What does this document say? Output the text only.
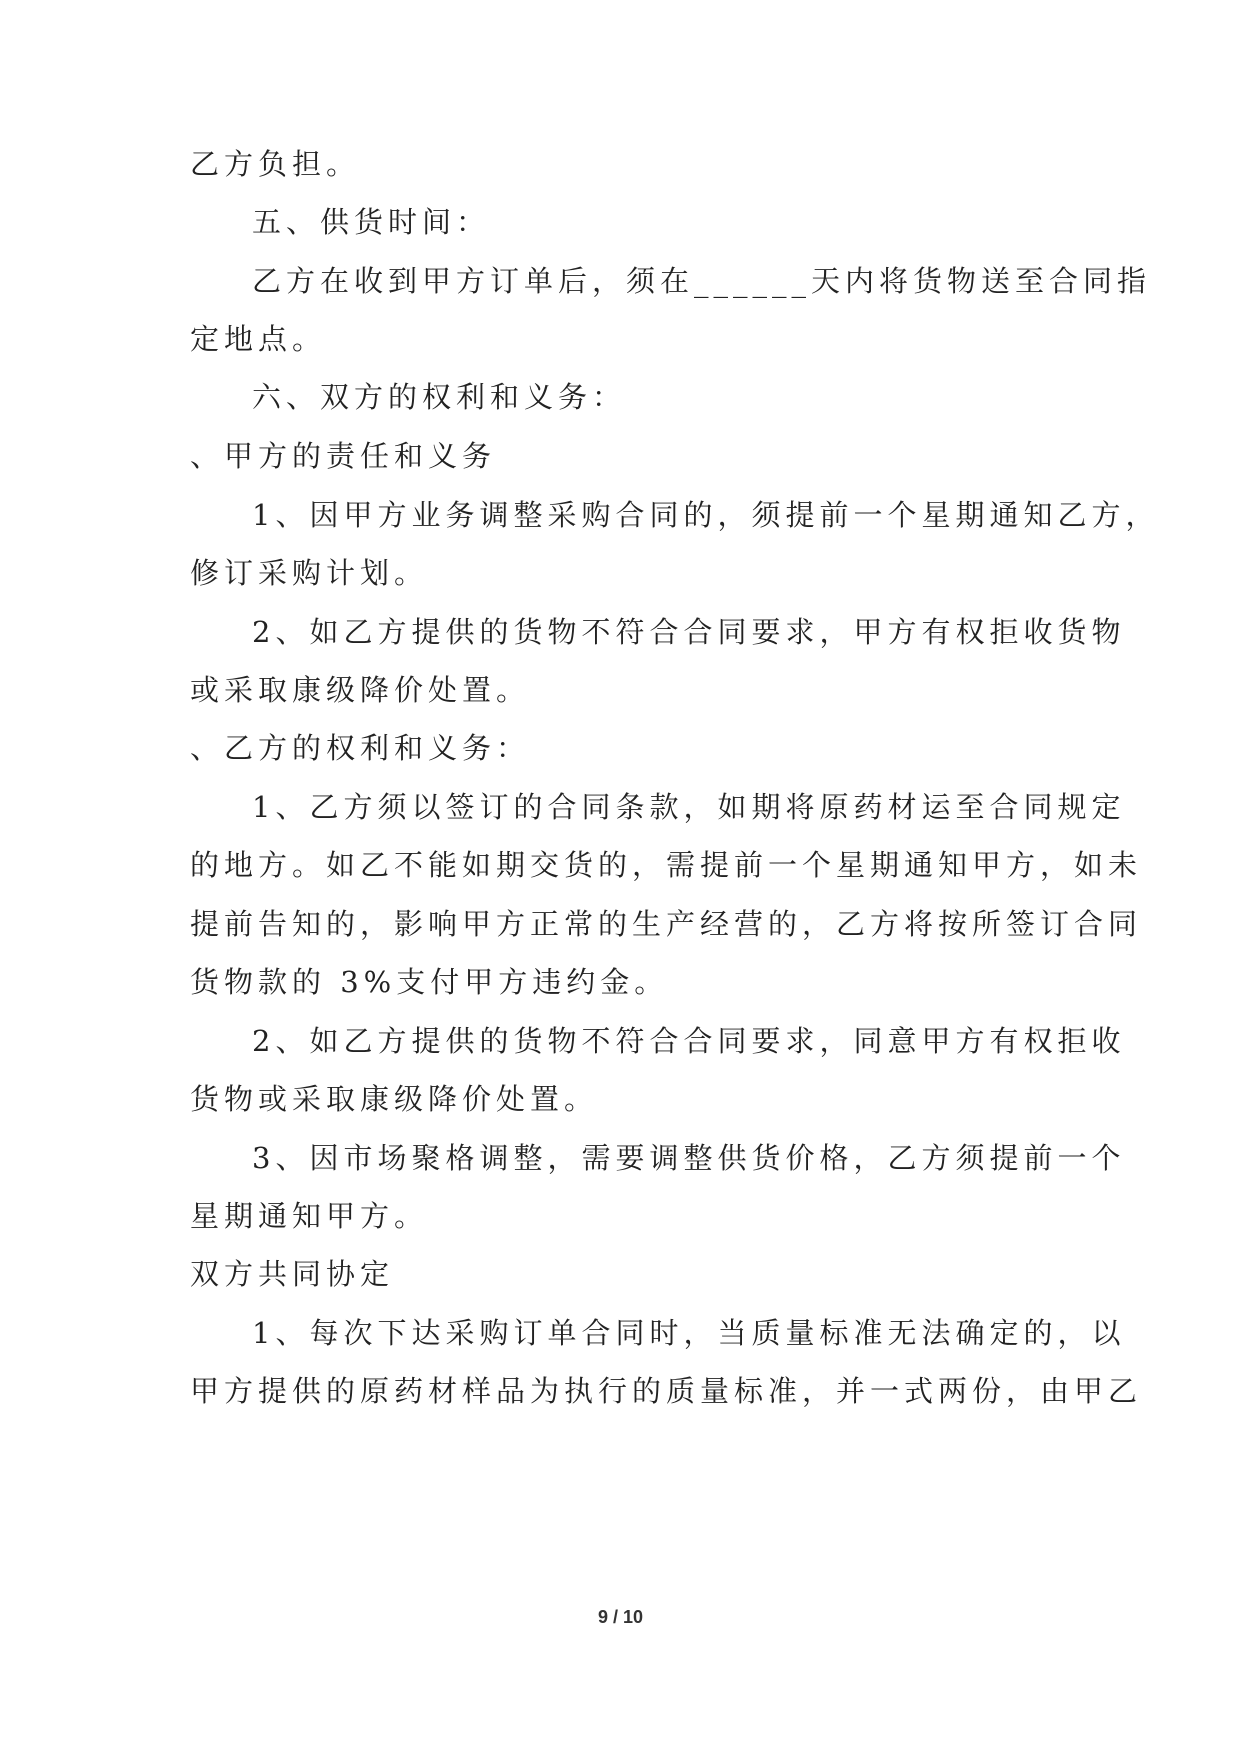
乙方负担。
五、供货时间：
乙方在收到甲方订单后，须在______天内将货物送至合同指
定地点。
六、双方的权利和义务：
、甲方的责任和义务
1、因甲方业务调整采购合同的，须提前一个星期通知乙方，
修订采购计划。
2、如乙方提供的货物不符合合同要求，甲方有权拒收货物
或采取康级降价处置。
、乙方的权利和义务：
1、乙方须以签订的合同条款，如期将原药材运至合同规定
的地方。如乙不能如期交货的，需提前一个星期通知甲方，如未
提前告知的，影响甲方正常的生产经营的，乙方将按所签订合同
货物款的 3%支付甲方违约金。
2、如乙方提供的货物不符合合同要求，同意甲方有权拒收
货物或采取康级降价处置。
3、因市场聚格调整，需要调整供货价格，乙方须提前一个
星期通知甲方。
双方共同协定
1、每次下达采购订单合同时，当质量标准无法确定的，以
甲方提供的原药材样品为执行的质量标准，并一式两份，由甲乙
9 / 10
